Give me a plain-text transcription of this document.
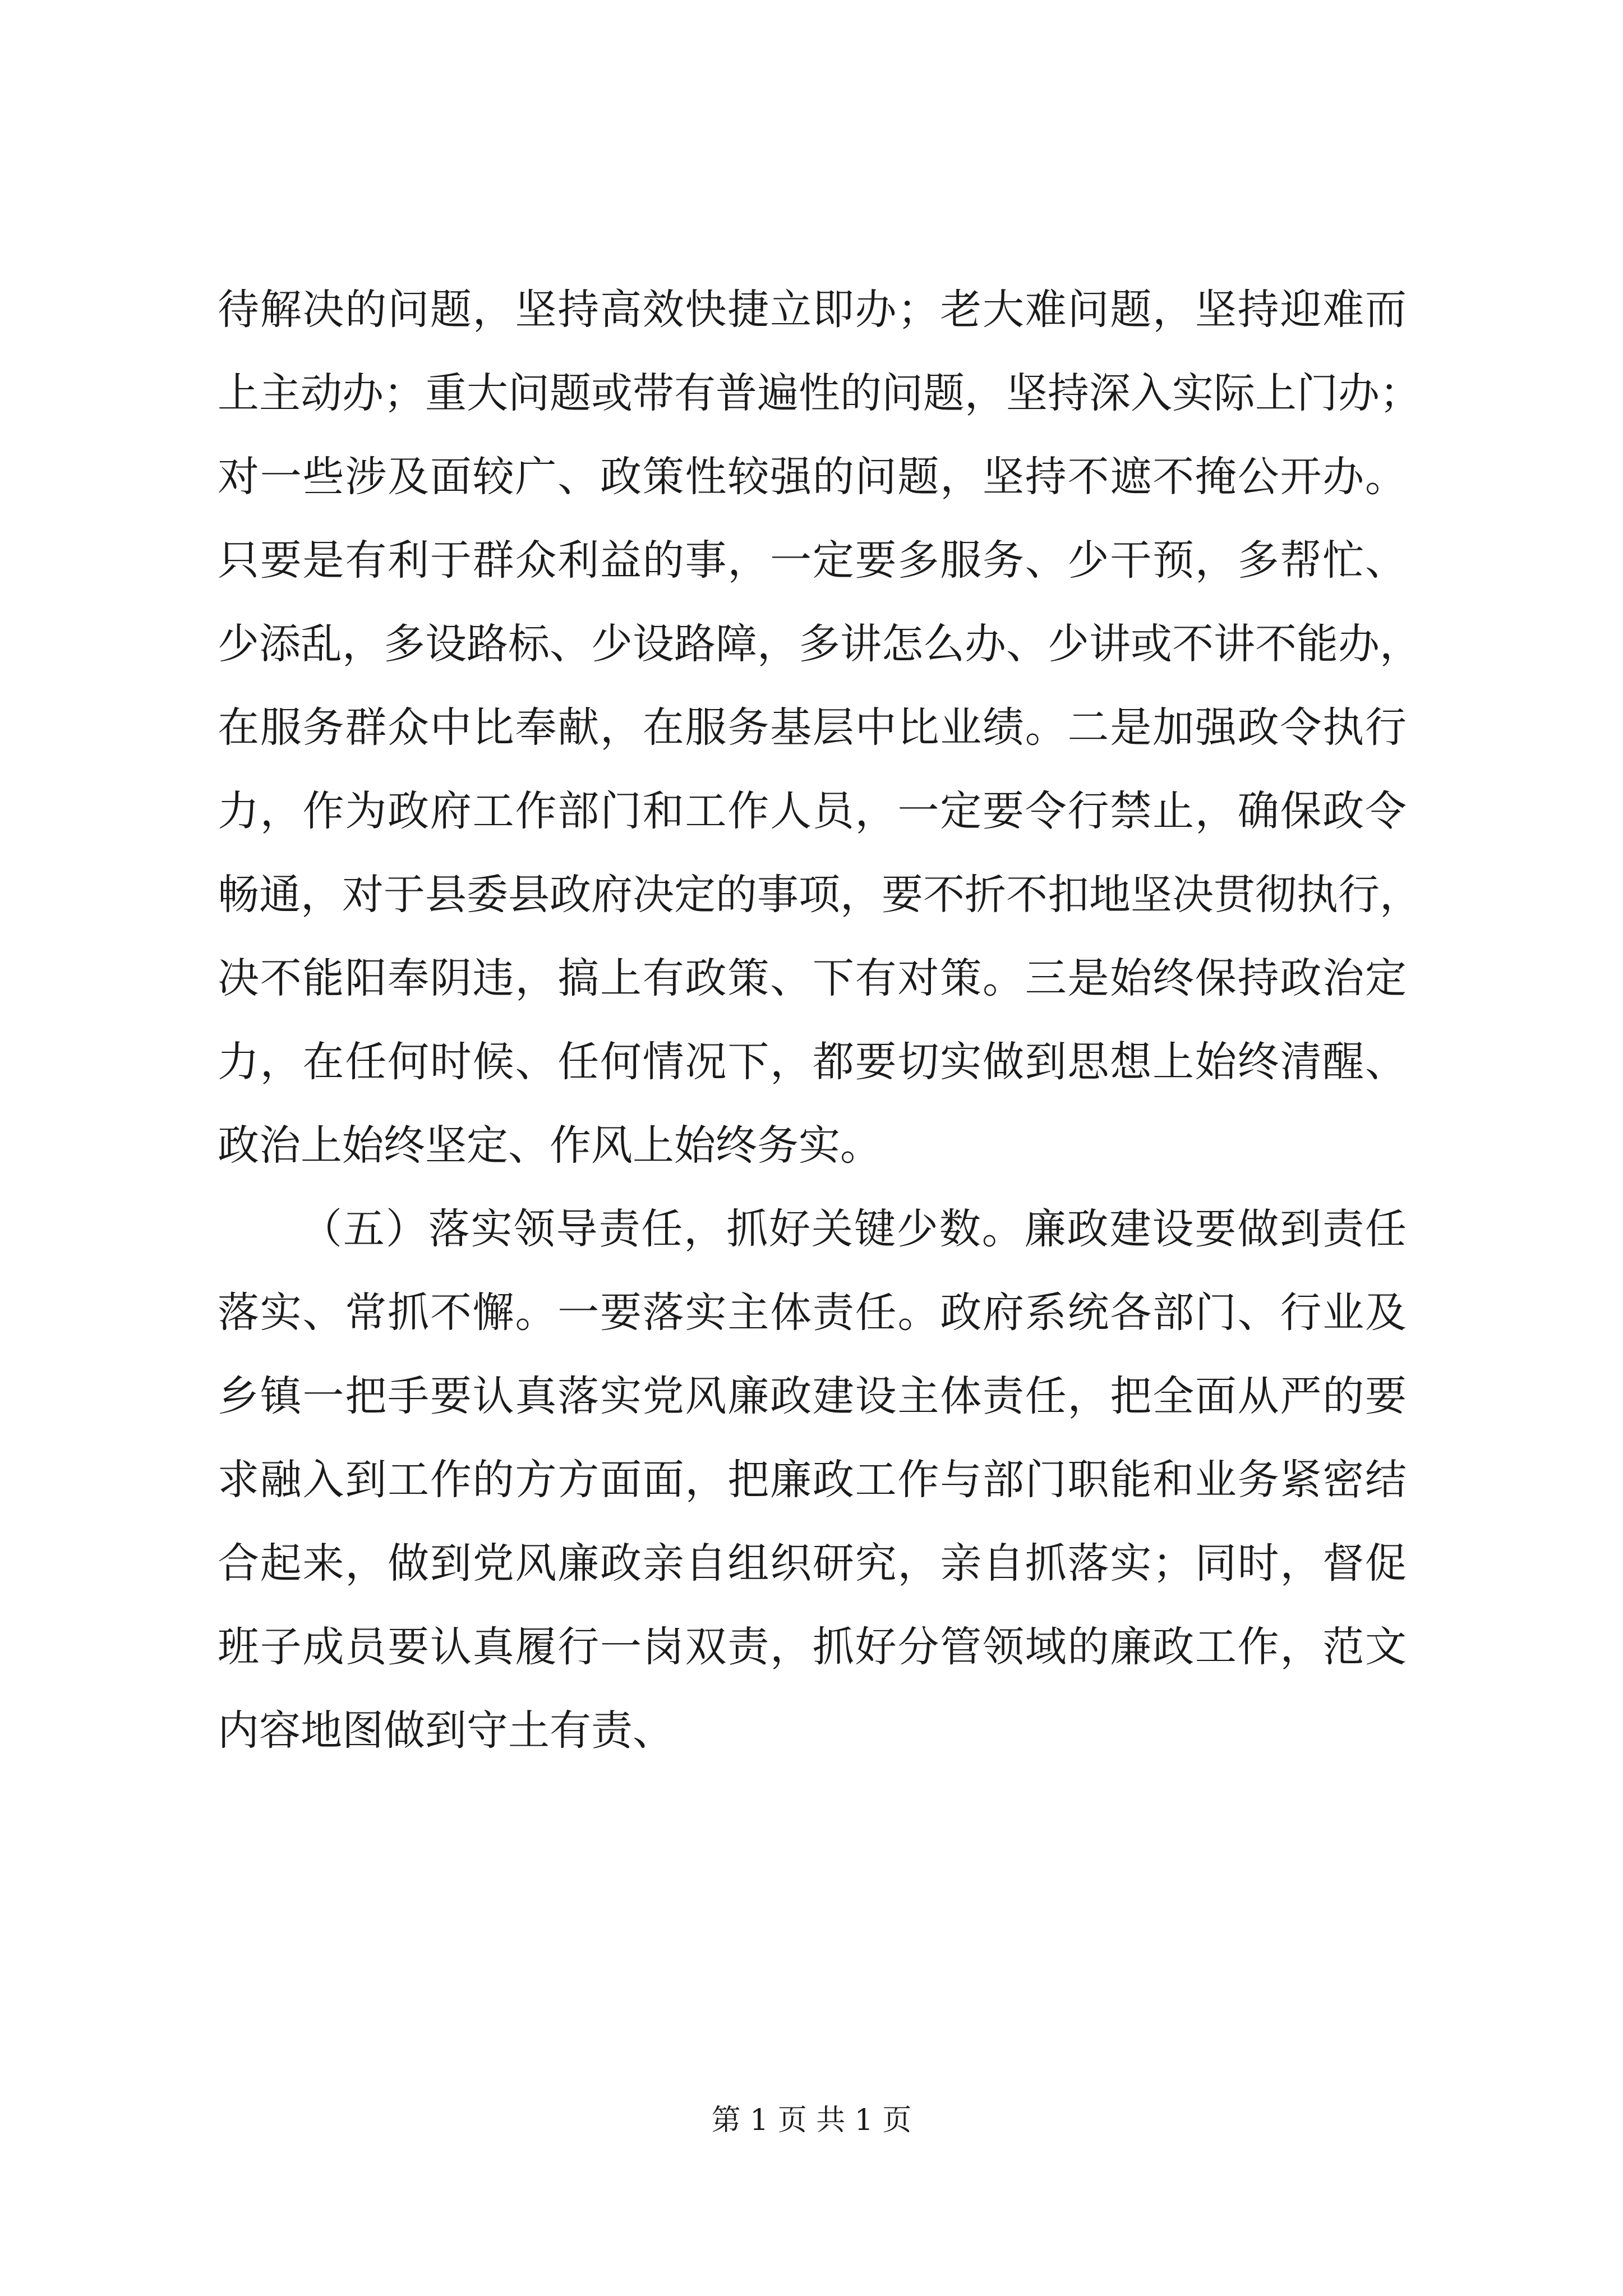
待解决的问题，坚持高效快捷立即办；老大难问题，坚持迎难而
上主动办；重大问题或带有普遍性的问题，坚持深入实际上门办；
对一些涉及面较广、政策性较强的问题，坚持不遮不掩公开办。
只要是有利于群众利益的事，一定要多服务、少干预，多帮忙、
少添乱，多设路标、少设路障，多讲怎么办、少讲或不讲不能办，
在服务群众中比奉献，在服务基层中比业绩。二是加强政令执行
力，作为政府工作部门和工作人员，一定要令行禁止，确保政令
畅通，对于县委县政府决定的事项，要不折不扣地坚决贯彻执行，
决不能阳奉阴违，搞上有政策、下有对策。三是始终保持政治定
力，在任何时候、任何情况下，都要切实做到思想上始终清醒、
政治上始终坚定、作风上始终务实。
（五）落实领导责任，抓好关键少数。廉政建设要做到责任
落实、常抓不懈。一要落实主体责任。政府系统各部门、行业及
乡镇一把手要认真落实党风廉政建设主体责任，把全面从严的要
求融入到工作的方方面面，把廉政工作与部门职能和业务紧密结
合起来，做到党风廉政亲自组织研究，亲自抓落实；同时，督促
班子成员要认真履行一岗双责，抓好分管领域的廉政工作，范文
内容地图做到守土有责、
第 1 页 共 1 页
